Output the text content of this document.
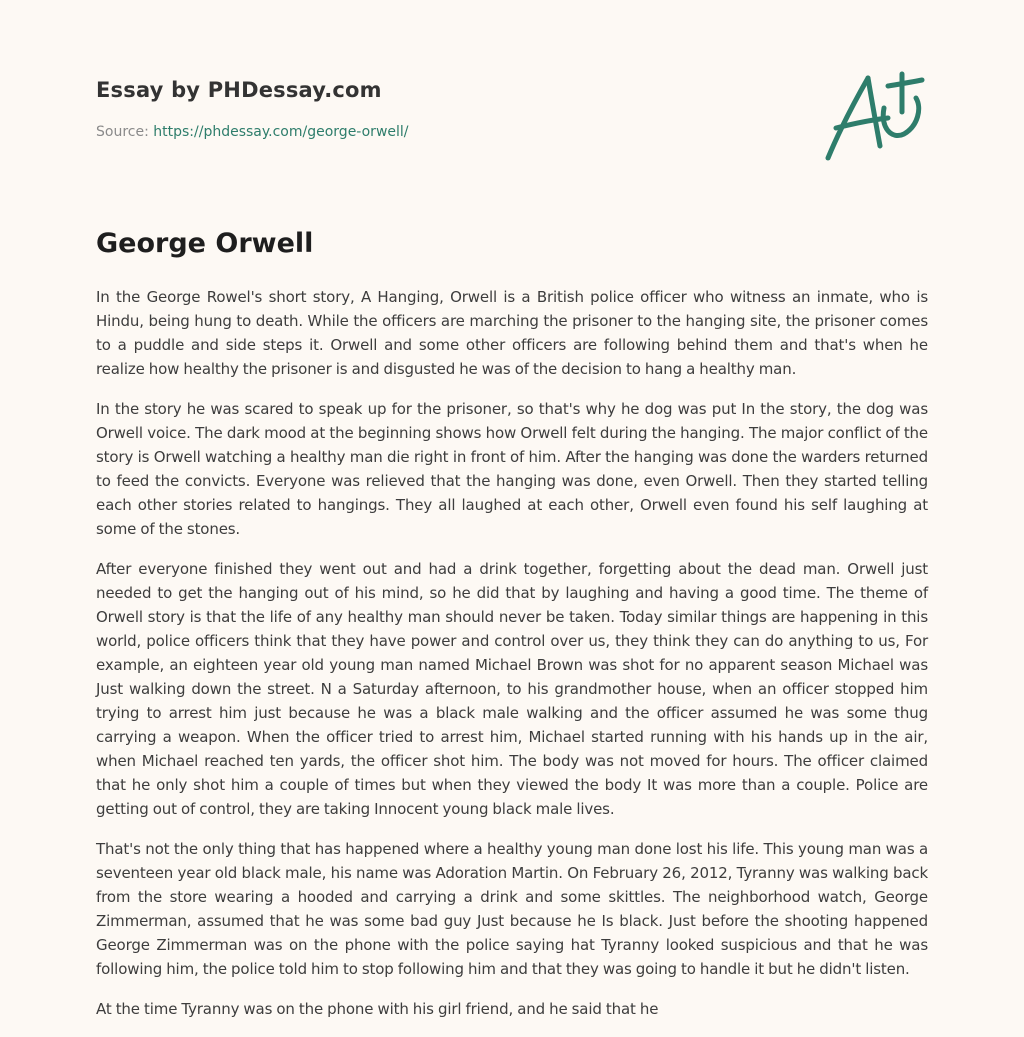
Essay by PHDessay.com
Source: https://phdessay.com/george-orwell/
George Orwell

In the George Rowel's short story, A Hanging, Orwell is a British police officer who witness an inmate, who is Hindu, being hung to death. While the officers are marching the prisoner to the hanging site, the prisoner comes to a puddle and side steps it. Orwell and some other officers are following behind them and that's when he realize how healthy the prisoner is and disgusted he was of the decision to hang a healthy man.

In the story he was scared to speak up for the prisoner, so that's why he dog was put In the story, the dog was Orwell voice. The dark mood at the beginning shows how Orwell felt during the hanging. The major conflict of the story is Orwell watching a healthy man die right in front of him. After the hanging was done the warders returned to feed the convicts. Everyone was relieved that the hanging was done, even Orwell. Then they started telling each other stories related to hangings. They all laughed at each other, Orwell even found his self laughing at some of the stones.

After everyone finished they went out and had a drink together, forgetting about the dead man. Orwell just needed to get the hanging out of his mind, so he did that by laughing and having a good time. The theme of Orwell story is that the life of any healthy man should never be taken. Today similar things are happening in this world, police officers think that they have power and control over us, they think they can do anything to us, For example, an eighteen year old young man named Michael Brown was shot for no apparent season Michael was Just walking down the street. N a Saturday afternoon, to his grandmother house, when an officer stopped him trying to arrest him just because he was a black male walking and the officer assumed he was some thug carrying a weapon. When the officer tried to arrest him, Michael started running with his hands up in the air, when Michael reached ten yards, the officer shot him. The body was not moved for hours. The officer claimed that he only shot him a couple of times but when they viewed the body It was more than a couple. Police are getting out of control, they are taking Innocent young black male lives.

That's not the only thing that has happened where a healthy young man done lost his life. This young man was a seventeen year old black male, his name was Adoration Martin. On February 26, 2012, Tyranny was walking back from the store wearing a hooded and carrying a drink and some skittles. The neighborhood watch, George Zimmerman, assumed that he was some bad guy Just because he Is black. Just before the shooting happened George Zimmerman was on the phone with the police saying hat Tyranny looked suspicious and that he was following him, the police told him to stop following him and that they was going to handle it but he didn't listen.

At the time Tyranny was on the phone with his girl friend, and he said that he
